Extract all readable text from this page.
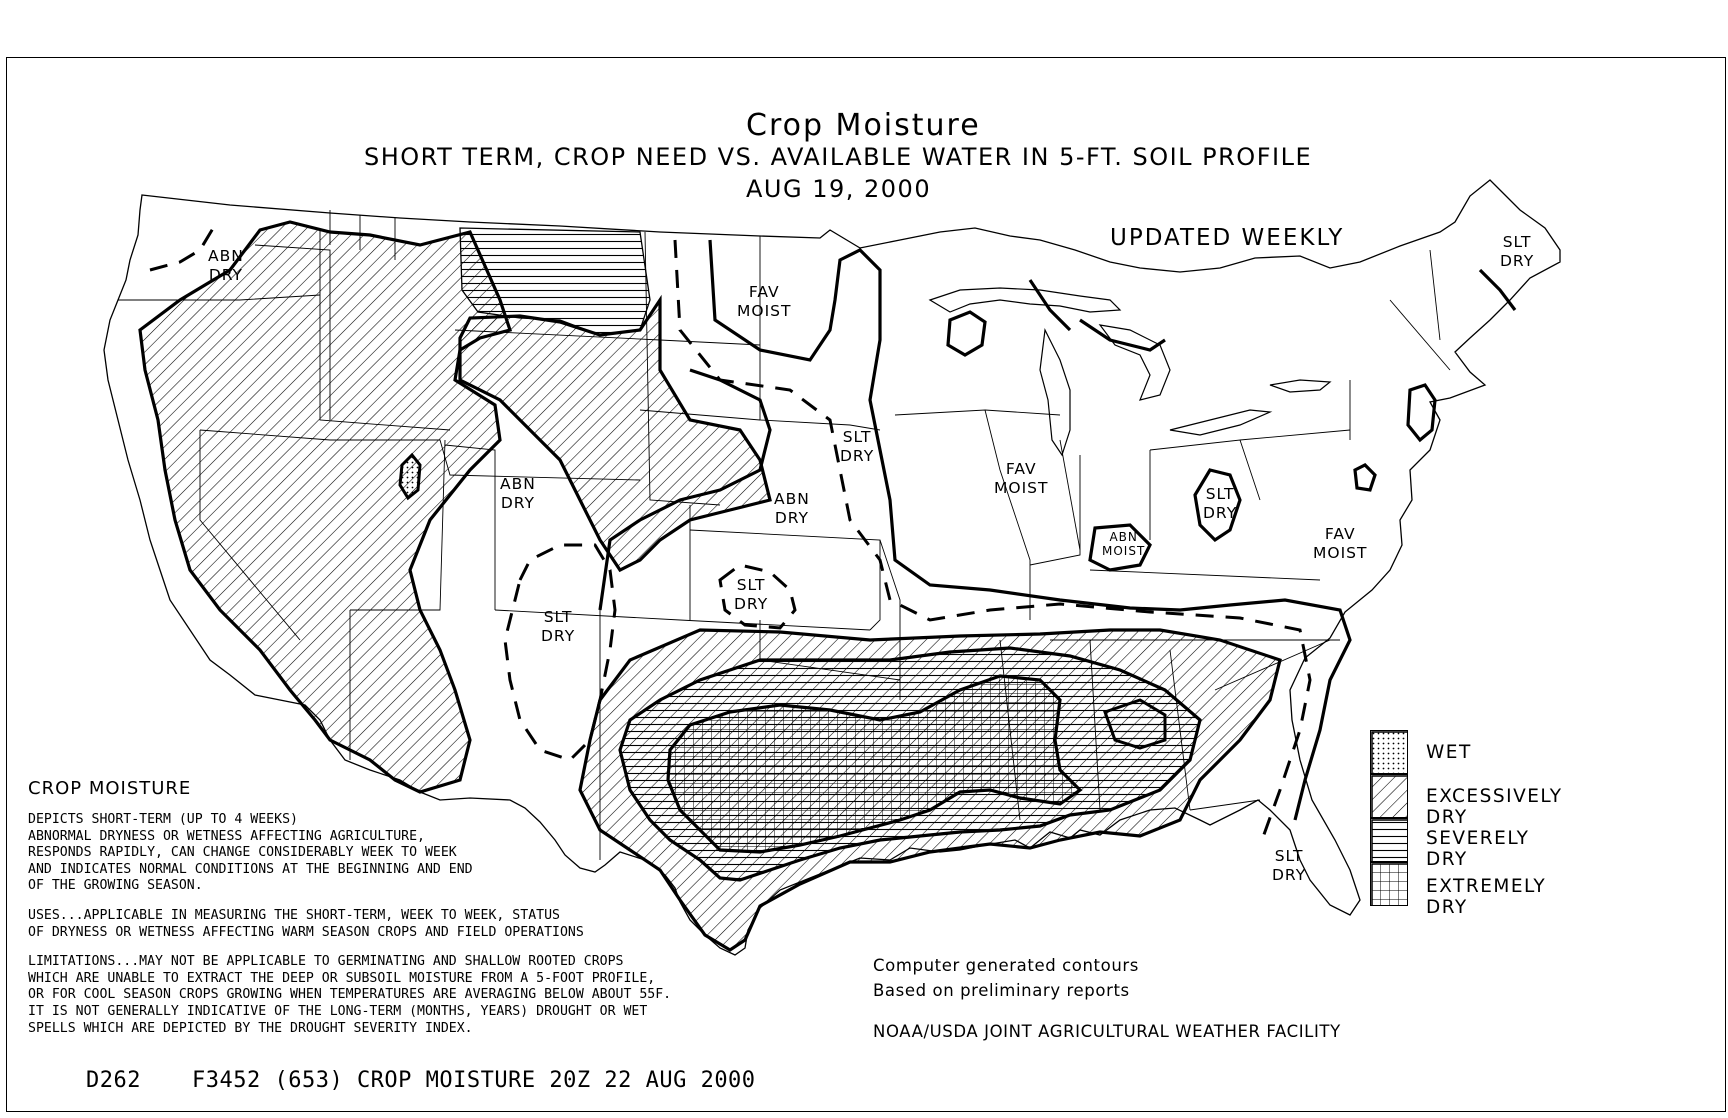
Crop Moisture
SHORT TERM, CROP NEED VS. AVAILABLE WATER IN 5-FT. SOIL PROFILE
AUG 19, 2000
UPDATED WEEKLY
ABN
DRY
FAV
MOIST
ABN
DRY	ABN
DRY
SLT
DRY
FAV
MOIST
SLT
DRY
SLT
DRY
SLT
DRY
ABN
MOIST
FAV
MOIST
SLT
DRY
SLT
DRY
WET
EXCESSIVELY DRY
SEVERELY DRY
EXTREMELY DRY
CROP MOISTURE

DEPICTS SHORT-TERM (UP TO 4 WEEKS)
ABNORMAL DRYNESS OR WETNESS AFFECTING AGRICULTURE,
RESPONDS RAPIDLY, CAN CHANGE CONSIDERABLY WEEK TO WEEK
AND INDICATES NORMAL CONDITIONS AT THE BEGINNING AND END
OF THE GROWING SEASON.

USES...APPLICABLE IN MEASURING THE SHORT-TERM, WEEK TO WEEK, STATUS
OF DRYNESS OR WETNESS AFFECTING WARM SEASON CROPS AND FIELD OPERATIONS

LIMITATIONS...MAY NOT BE APPLICABLE TO GERMINATING AND SHALLOW ROOTED CROPS
WHICH ARE UNABLE TO EXTRACT THE DEEP OR SUBSOIL MOISTURE FROM A 5-FOOT PROFILE,
OR FOR COOL SEASON CROPS GROWING WHEN TEMPERATURES ARE AVERAGING BELOW ABOUT 55F.
IT IS NOT GENERALLY INDICATIVE OF THE LONG-TERM (MONTHS, YEARS) DROUGHT OR WET
SPELLS WHICH ARE DEPICTED BY THE DROUGHT SEVERITY INDEX.

Computer generated contours
Based on preliminary reports
NOAA/USDA JOINT AGRICULTURAL WEATHER FACILITY
D262 F3452 (653) CROP MOISTURE 20Z 22 AUG 2000
